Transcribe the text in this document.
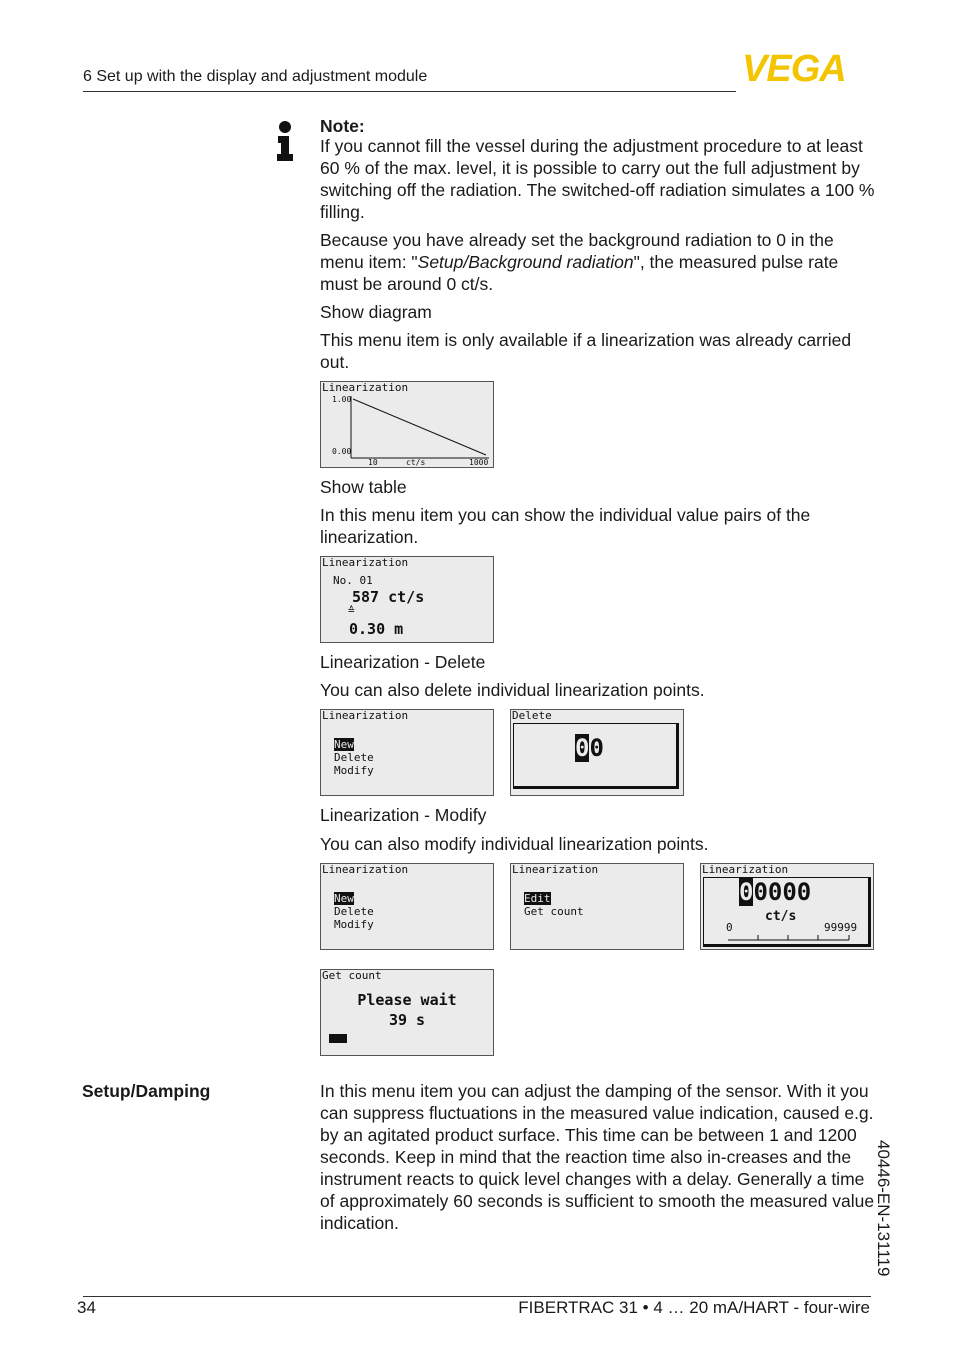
6 Set up with the display and adjustment module	VEGA
Note:

If you cannot fill the vessel during the adjustment procedure to at least 60 % of the max. level, it is possible to carry out the full adjustment by switching off the radiation. The switched-off radiation simulates a 100 % filling.

Because you have already set the background radiation to 0 in the menu item: "Setup/Background radiation", the measured pulse rate must be around 0 ct/s.

Show diagram

This menu item is only available if a linearization was already carried out.

Linearization
1.00
0.00
10	ct/s	1000
Show table

In this menu item you can show the individual value pairs of the linearization.

Linearization
No. 01
587 ct/s
≙
0.30 m
Linearization - Delete
You can also delete individual linearization points.
Linearization
New
Delete
Modify
Delete
00
Linearization - Modify
You can also modify individual linearization points.
Linearization
New
Delete
Modify
Linearization
Edit
Get count
Linearization
00000
ct/s
0	99999
Get count
Please wait
39 s
Setup/Damping	In this menu item you can adjust the damping of the sensor. With it you can suppress fluctuations in the measured value indication, caused e.g. by an agitated product surface. This time can be between 1 and 1200 seconds. Keep in mind that the reaction time also in-creases and the instrument reacts to quick level changes with a delay. Generally a time of approximately 60 seconds is sufficient to smooth the measured value indication.	40446-EN-131119
34	FIBERTRAC 31 • 4 … 20 mA/HART - four-wire
